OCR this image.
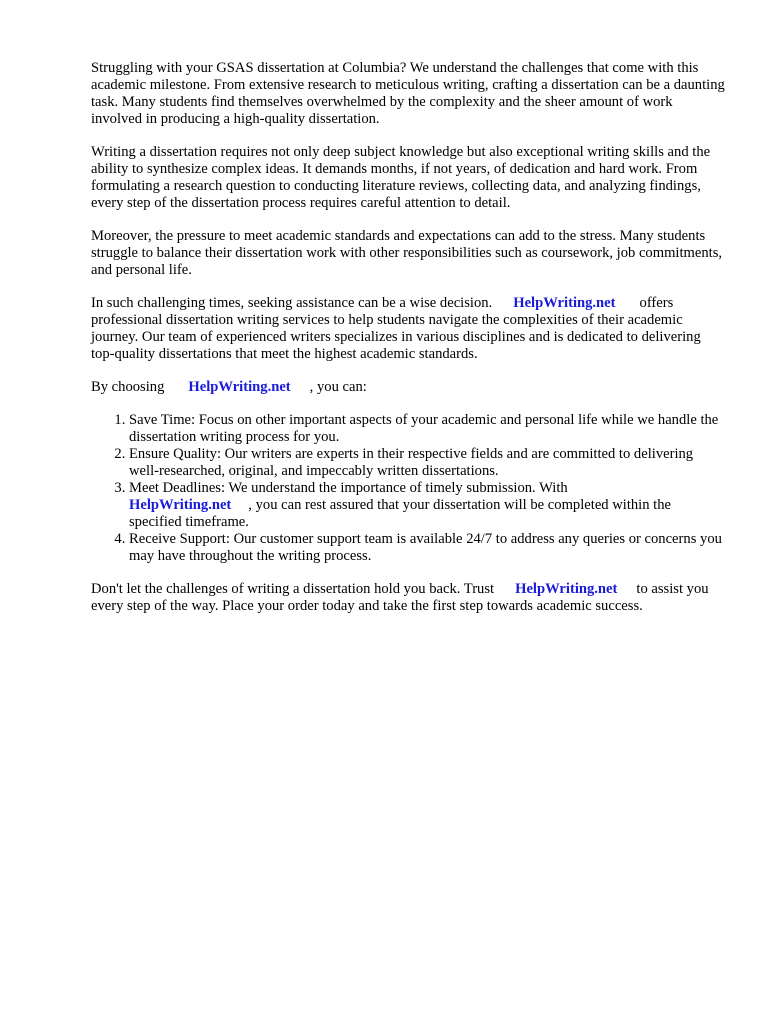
Struggling with your GSAS dissertation at Columbia? We understand the challenges that come with this academic milestone. From extensive research to meticulous writing, crafting a dissertation can be a daunting task. Many students find themselves overwhelmed by the complexity and the sheer amount of work involved in producing a high-quality dissertation.

Writing a dissertation requires not only deep subject knowledge but also exceptional writing skills and the ability to synthesize complex ideas. It demands months, if not years, of dedication and hard work. From formulating a research question to conducting literature reviews, collecting data, and analyzing findings, every step of the dissertation process requires careful attention to detail.

Moreover, the pressure to meet academic standards and expectations can add to the stress. Many students struggle to balance their dissertation work with other responsibilities such as coursework, job commitments, and personal life.

In such challenging times, seeking assistance can be a wise decision. HelpWriting.net offers professional dissertation writing services to help students navigate the complexities of their academic journey. Our team of experienced writers specializes in various disciplines and is dedicated to delivering top-quality dissertations that meet the highest academic standards.

By choosing HelpWriting.net , you can:

1. Save Time: Focus on other important aspects of your academic and personal life while we handle the dissertation writing process for you.
2. Ensure Quality: Our writers are experts in their respective fields and are committed to delivering well-researched, original, and impeccably written dissertations.
3. Meet Deadlines: We understand the importance of timely submission. With
HelpWriting.net , you can rest assured that your dissertation will be completed within the specified timeframe.
4. Receive Support: Our customer support team is available 24/7 to address any queries or concerns you may have throughout the writing process.

Don't let the challenges of writing a dissertation hold you back. Trust HelpWriting.net to assist you every step of the way. Place your order today and take the first step towards academic success.
